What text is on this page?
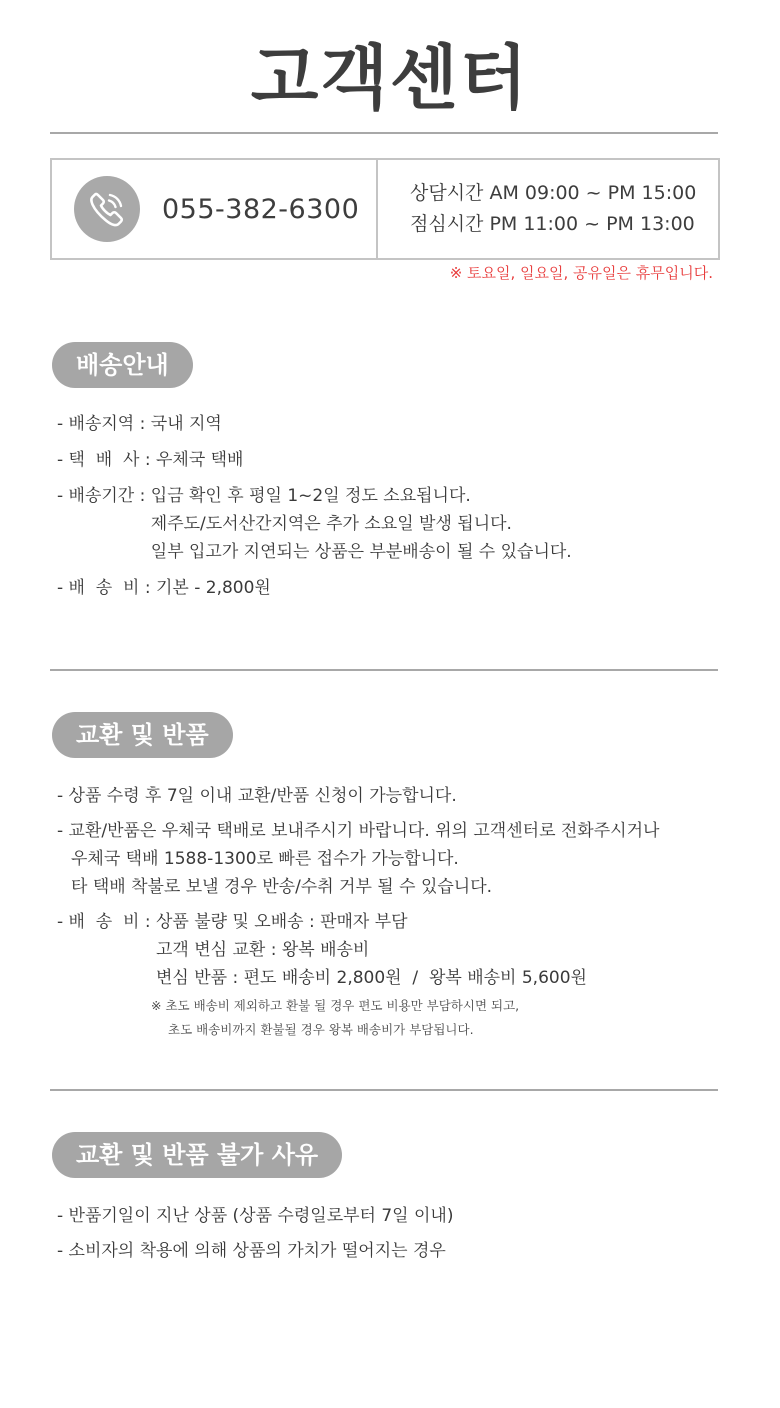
고객센터
055-382-6300
상담시간 AM 09:00 ~ PM 15:00
점심시간 PM 11:00 ~ PM 13:00
※ 토요일, 일요일, 공유일은 휴무입니다.
배송안내
- 배송지역 : 국내 지역
- 택  배  사 : 우체국 택배
- 배송기간 : 입금 확인 후 평일 1~2일 정도 소요됩니다.
제주도/도서산간지역은 추가 소요일 발생 됩니다.
일부 입고가 지연되는 상품은 부분배송이 될 수 있습니다.
- 배  송  비 : 기본 - 2,800원
교환 및 반품
- 상품 수령 후 7일 이내 교환/반품 신청이 가능합니다.
- 교환/반품은 우체국 택배로 보내주시기 바랍니다. 위의 고객센터로 전화주시거나
우체국 택배 1588-1300로 빠른 접수가 가능합니다.
타 택배 착불로 보낼 경우 반송/수취 거부 될 수 있습니다.
- 배  송  비 : 상품 불량 및 오배송 : 판매자 부담
고객 변심 교환 : 왕복 배송비
변심 반품 : 편도 배송비 2,800원  /  왕복 배송비 5,600원
※ 초도 배송비 제외하고 환불 될 경우 편도 비용만 부담하시면 되고,
초도 배송비까지 환불될 경우 왕복 배송비가 부담됩니다.
교환 및 반품 불가 사유
- 반품기일이 지난 상품 (상품 수령일로부터 7일 이내)
- 소비자의 착용에 의해 상품의 가치가 떨어지는 경우
